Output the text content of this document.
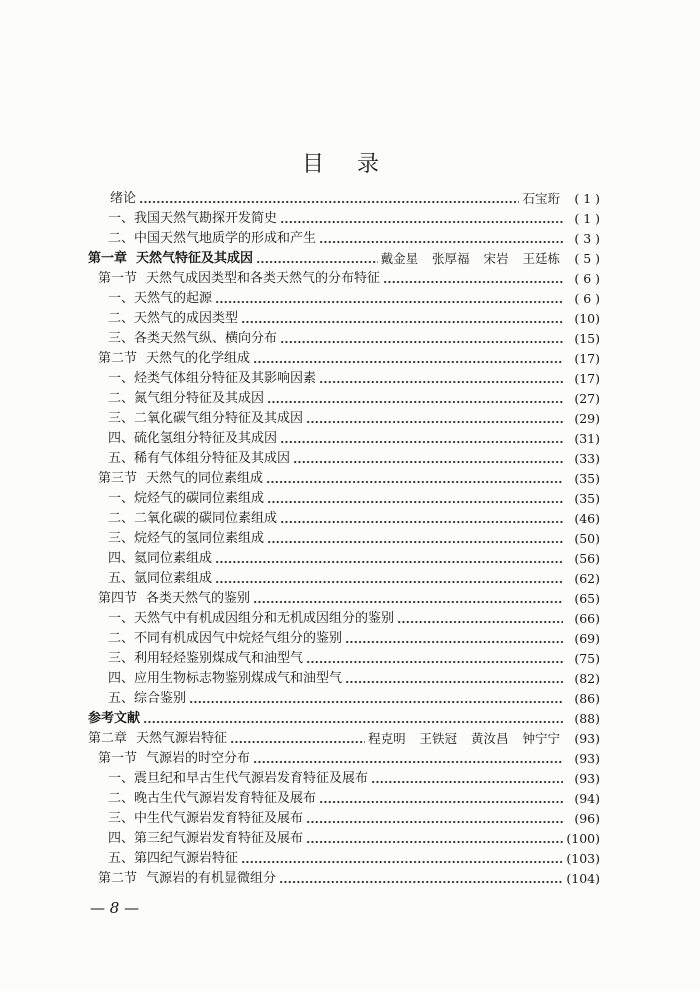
目 录
绪论	石宝珩	( 1 )
一、 我国天然气勘探开发简史	( 1 )
二、 中国天然气地质学的形成和产生	( 3 )
第一章 天然气特征及其成因	戴金星 张厚福 宋岩 王廷栋	( 5 )
第一节 天然气成因类型和各类天然气的分布特征	( 6 )
一、 天然气的起源	( 6 )
二、 天然气的成因类型	(10)
三、 各类天然气纵、横向分布	(15)
第二节 天然气的化学组成	(17)
一、 烃类气体组分特征及其影响因素	(17)
二、 氮气组分特征及其成因	(27)
三、 二氧化碳气组分特征及其成因	(29)
四、 硫化氢组分特征及其成因	(31)
五、 稀有气体组分特征及其成因	(33)
第三节 天然气的同位素组成	(35)
一、 烷烃气的碳同位素组成	(35)
二、 二氧化碳的碳同位素组成	(46)
三、 烷烃气的氢同位素组成	(50)
四、 氦同位素组成	(56)
五、 氩同位素组成	(62)
第四节 各类天然气的鉴别	(65)
一、 天然气中有机成因组分和无机成因组分的鉴别	(66)
二、 不同有机成因气中烷烃气组分的鉴别	(69)
三、 利用轻烃鉴别煤成气和油型气	(75)
四、 应用生物标志物鉴别煤成气和油型气	(82)
五、 综合鉴别	(86)
参考文献	(88)
第二章 天然气源岩特征	程克明 王铁冠 黄汝昌 钟宁宁	(93)
第一节 气源岩的时空分布	(93)
一、 震旦纪和早古生代气源岩发育特征及展布	(93)
二、 晚古生代气源岩发育特征及展布	(94)
三、 中生代气源岩发育特征及展布	(96)
四、 第三纪气源岩发育特征及展布	(100)
五、 第四纪气源岩特征	(103)
第二节 气源岩的有机显微组分	(104)
— 8 —
